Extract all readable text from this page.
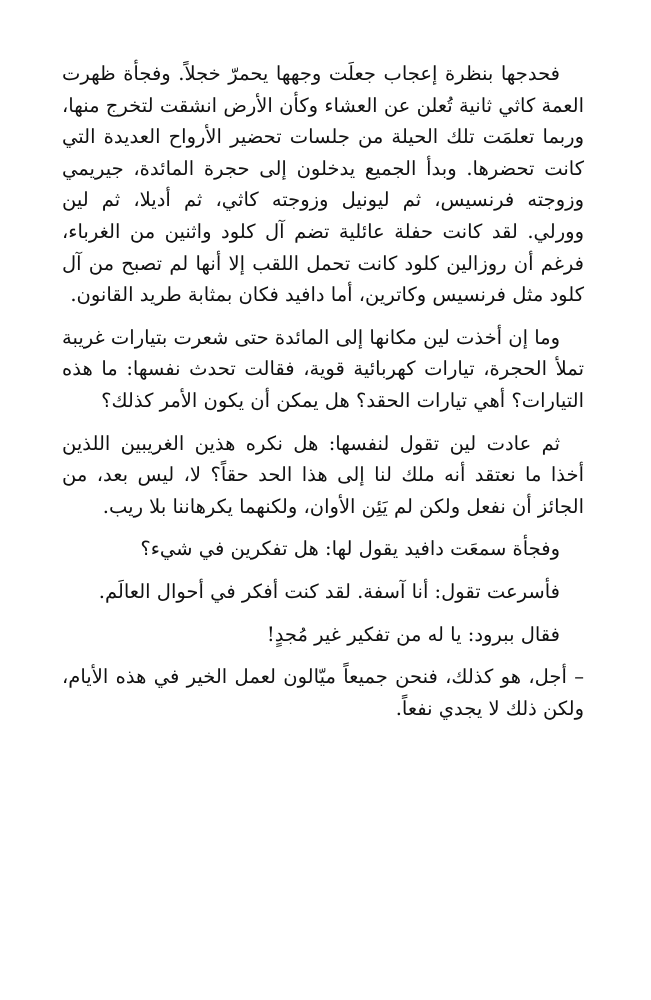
فحدجها بنظرة إعجاب جعلَت وجهها يحمرّ خجلاً. وفجأة ظهرت العمة كاثي ثانية تُعلن عن العشاء وكأن الأرض انشقت لتخرج منها، وربما تعلمَت تلك الحيلة من جلسات تحضير الأرواح العديدة التي كانت تحضرها. وبدأ الجميع يدخلون إلى حجرة المائدة، جيريمي وزوجته فرنسيس، ثم ليونيل وزوجته كاثي، ثم أديلا، ثم لين وورلي. لقد كانت حفلة عائلية تضم آل كلود واثنين من الغرباء، فرغم أن روزالين كلود كانت تحمل اللقب إلا أنها لم تصبح من آل كلود مثل فرنسيس وكاترين، أما دافيد فكان بمثابة طريد القانون.

وما إن أخذت لين مكانها إلى المائدة حتى شعرت بتيارات غريبة تملأ الحجرة، تيارات كهربائية قوية، فقالت تحدث نفسها: ما هذه التيارات؟ أهي تيارات الحقد؟ هل يمكن أن يكون الأمر كذلك؟

ثم عادت لين تقول لنفسها: هل نكره هذين الغريبين اللذين أخذا ما نعتقد أنه ملك لنا إلى هذا الحد حقاً؟ لا، ليس بعد، من الجائز أن نفعل ولكن لم يَئِن الأوان، ولكنهما يكرهاننا بلا ريب.

وفجأة سمعَت دافيد يقول لها: هل تفكرين في شيء؟

فأسرعت تقول: أنا آسفة. لقد كنت أفكر في أحوال العالَم.

فقال ببرود: يا له من تفكير غير مُجدٍ!

– أجل، هو كذلك، فنحن جميعاً ميّالون لعمل الخير في هذه الأيام، ولكن ذلك لا يجدي نفعاً.
